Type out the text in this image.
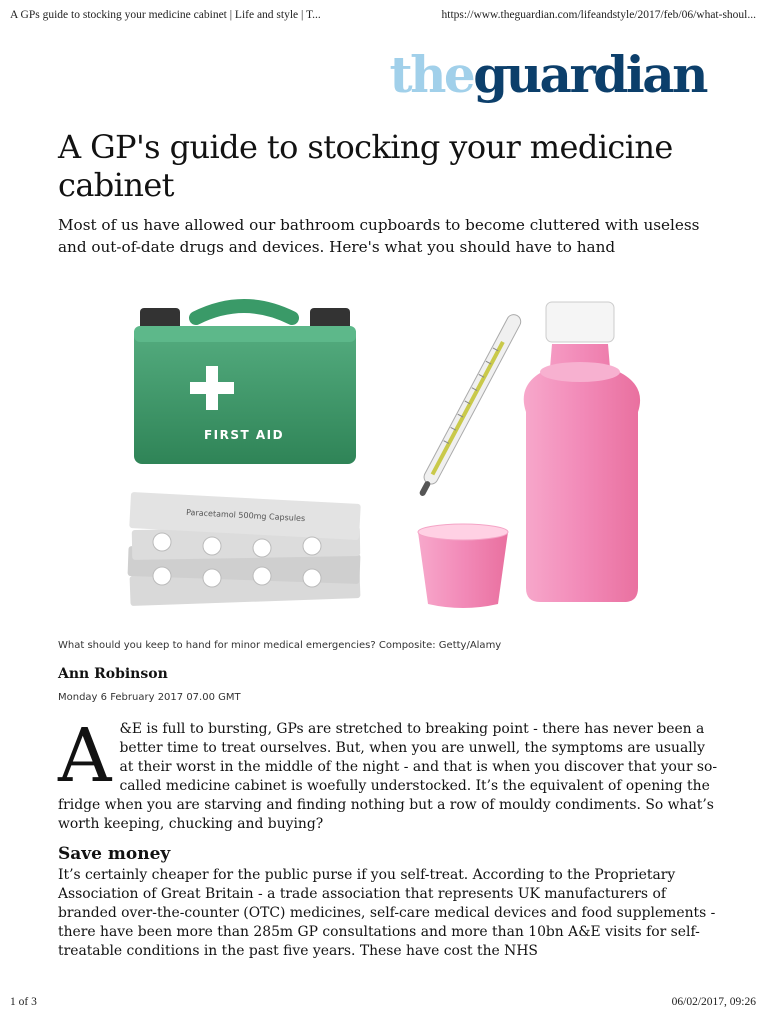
A GPs guide to stocking your medicine cabinet | Life and style | T...	https://www.theguardian.com/lifeandstyle/2017/feb/06/what-shoul...
theguardian
A GP's guide to stocking your medicine cabinet

Most of us have allowed our bathroom cupboards to become cluttered with useless and out-of-date drugs and devices. Here's what you should have to hand

FIRST AID
Paracetamol 500mg Capsules
What should you keep to hand for minor medical emergencies? Composite: Getty/Alamy
Ann Robinson
Monday 6 February 2017 07.00 GMT

A &E is full to bursting, GPs are stretched to breaking point - there has never been a better time to treat ourselves. But, when you are unwell, the symptoms are usually at their worst in the middle of the night - and that is when you discover that your so-called medicine cabinet is woefully understocked. It’s the equivalent of opening the fridge when you are starving and finding nothing but a row of mouldy condiments. So what’s worth keeping, chucking and buying?

Save money

It’s certainly cheaper for the public purse if you self-treat. According to the Proprietary Association of Great Britain - a trade association that represents UK manufacturers of branded over-the-counter (OTC) medicines, self-care medical devices and food supplements - there have been more than 285m GP consultations and more than 10bn A&E visits for self-treatable conditions in the past five years. These have cost the NHS

1 of 3	06/02/2017, 09:26
